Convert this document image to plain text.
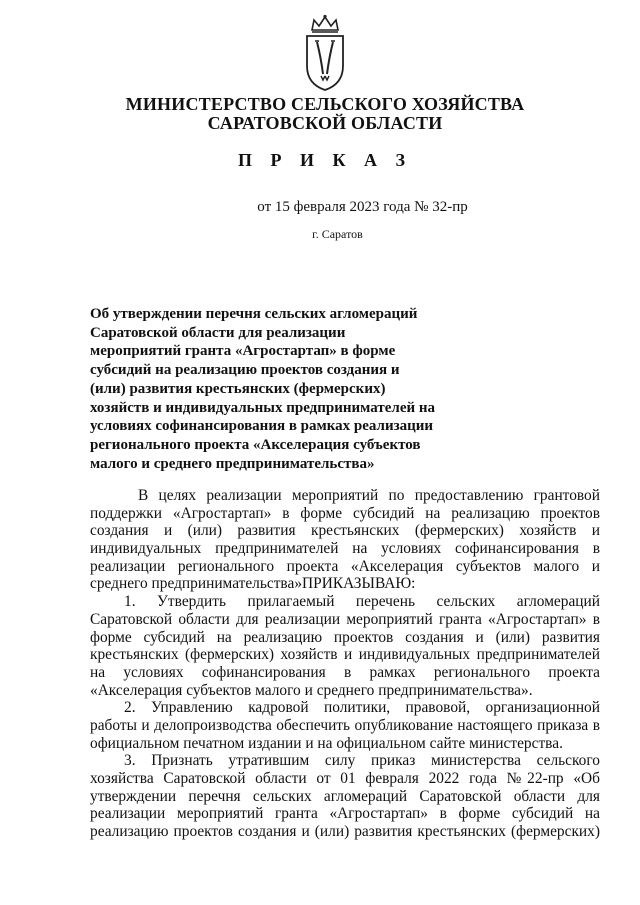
МИНИСТЕРСТВО СЕЛЬСКОГО ХОЗЯЙСТВА
САРАТОВСКОЙ ОБЛАСТИ
П Р И К А З
от 15 февраля 2023 года № 32-пр
г. Саратов
Об утверждении перечня сельских агломераций
Саратовской области для реализации
мероприятий гранта «Агростартап» в форме
субсидий на реализацию проектов создания и
(или) развития крестьянских (фермерских)
хозяйств и индивидуальных предпринимателей на
условиях софинансирования в рамках реализации
регионального проекта «Акселерация субъектов
малого и среднего предпринимательства»
В целях реализации мероприятий по предоставлению грантовой
поддержки «Агростартап» в форме субсидий на реализацию проектов
создания и (или) развития крестьянских (фермерских) хозяйств и
индивидуальных предпринимателей на условиях софинансирования в
реализации регионального проекта «Акселерация субъектов малого и
среднего предпринимательства»ПРИКАЗЫВАЮ:
1. Утвердить прилагаемый перечень сельских агломераций
Саратовской области для реализации мероприятий гранта «Агростартап» в
форме субсидий на реализацию проектов создания и (или) развития
крестьянских (фермерских) хозяйств и индивидуальных предпринимателей
на условиях софинансирования в рамках регионального проекта
«Акселерация субъектов малого и среднего предпринимательства».
2. Управлению кадровой политики, правовой, организационной
работы и делопроизводства обеспечить опубликование настоящего приказа в
официальном печатном издании и на официальном сайте министерства.
3. Признать утратившим силу приказ министерства сельского
хозяйства Саратовской области от 01 февраля 2022 года №22-пр «Об
утверждении перечня сельских агломераций Саратовской области для
реализации мероприятий гранта «Агростартап» в форме субсидий на
реализацию проектов создания и (или) развития крестьянских (фермерских)
